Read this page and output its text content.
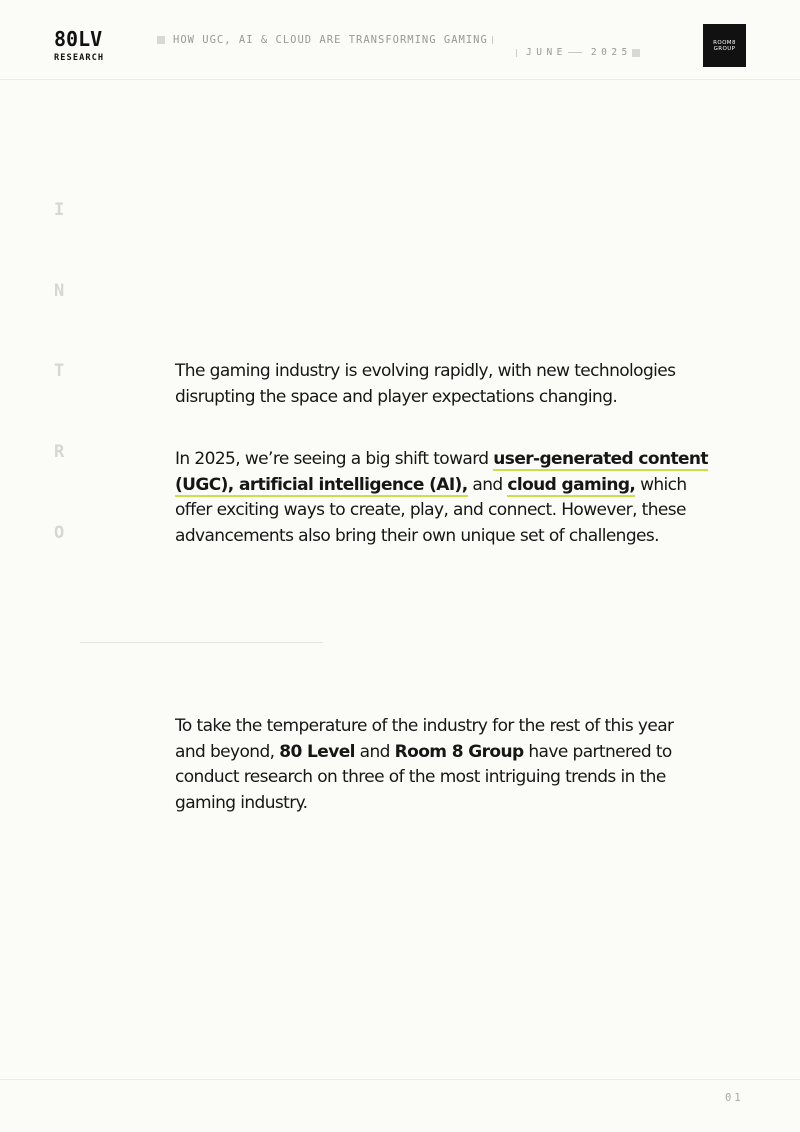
80LV
RESEARCH
HOW UGC, AI & CLOUD ARE TRANSFORMING GAMING
JUNE	2025
ROOM8
GROUP
I
N
T
R
O

The gaming industry is evolving rapidly, with new technologies disrupting the space and player expectations changing.

In 2025, we’re seeing a big shift toward user-generated content (UGC), artificial intelligence (AI), and cloud gaming, which offer exciting ways to create, play, and connect. However, these advancements also bring their own unique set of challenges.

To take the temperature of the industry for the rest of this year and beyond, 80 Level and Room 8 Group have partnered to conduct research on three of the most intriguing trends in the gaming industry.

01
